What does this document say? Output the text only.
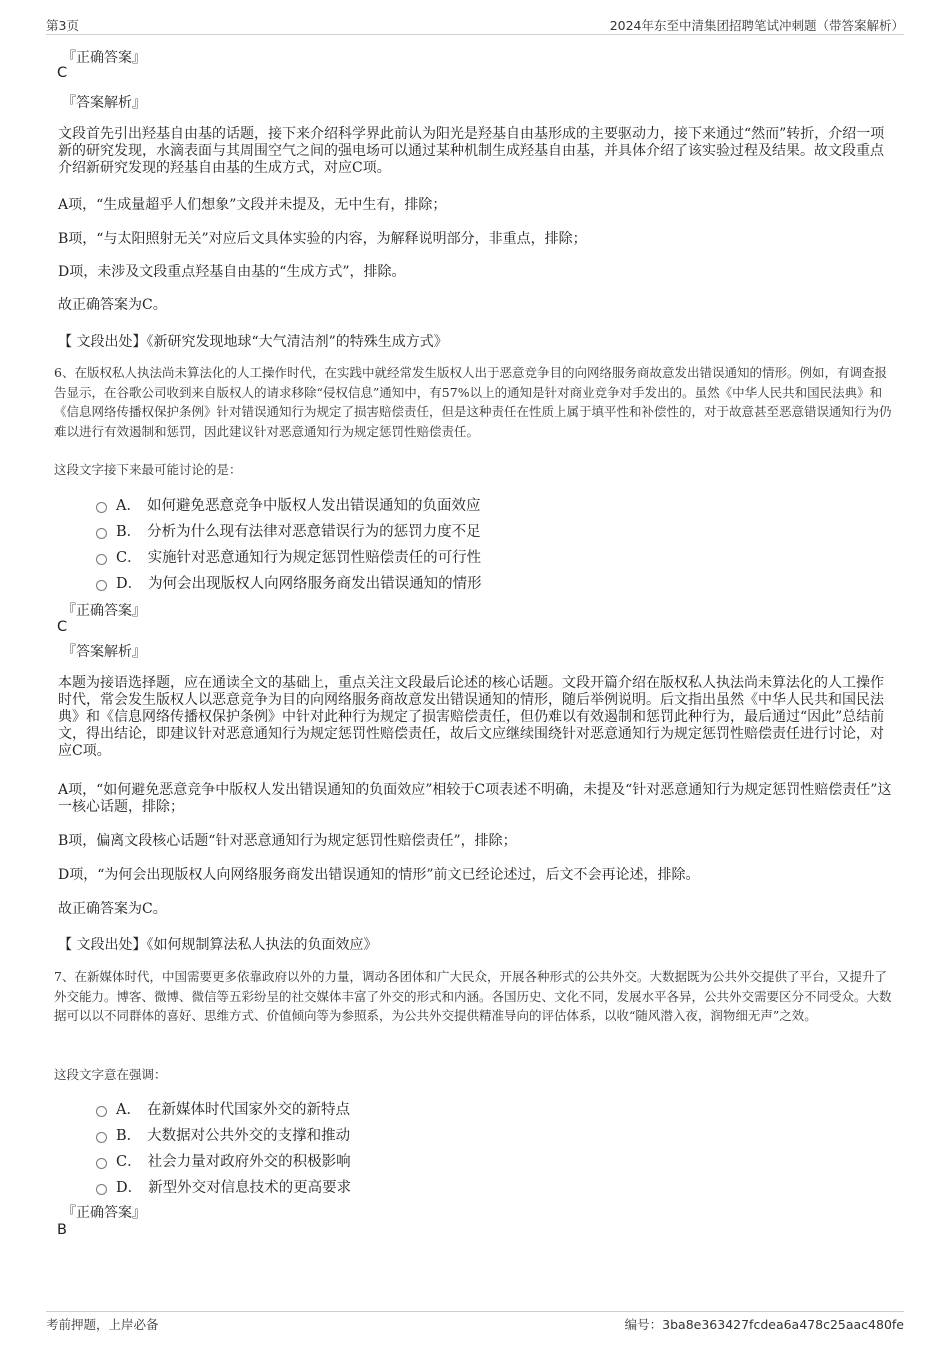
第3页	2024年东至中清集团招聘笔试冲刺题（带答案解析）
『正确答案』
C
『答案解析』
文段首先引出羟基自由基的话题，接下来介绍科学界此前认为阳光是羟基自由基形成的主要驱动力，接下来通过“然而”转折，介绍一项新的研究发现，水滴表面与其周围空气之间的强电场可以通过某种机制生成羟基自由基，并具体介绍了该实验过程及结果。故文段重点介绍新研究发现的羟基自由基的生成方式，对应C项。
A项，“生成量超乎人们想象”文段并未提及，无中生有，排除；
B项，“与太阳照射无关”对应后文具体实验的内容，为解释说明部分，非重点，排除；
D项，未涉及文段重点羟基自由基的“生成方式”，排除。
故正确答案为C。
【 文段出处】《新研究发现地球“大气清洁剂”的特殊生成方式》
6、在版权私人执法尚未算法化的人工操作时代，在实践中就经常发生版权人出于恶意竞争目的向网络服务商故意发出错误通知的情形。例如，有调查报告显示，在谷歌公司收到来自版权人的请求移除“侵权信息”通知中，有57%以上的通知是针对商业竞争对手发出的。虽然《中华人民共和国民法典》和《信息网络传播权保护条例》针对错误通知行为规定了损害赔偿责任，但是这种责任在性质上属于填平性和补偿性的，对于故意甚至恶意错误通知行为仍难以进行有效遏制和惩罚，因此建议针对恶意通知行为规定惩罚性赔偿责任。
这段文字接下来最可能讨论的是：
A． 如何避免恶意竞争中版权人发出错误通知的负面效应
B． 分析为什么现有法律对恶意错误行为的惩罚力度不足
C． 实施针对恶意通知行为规定惩罚性赔偿责任的可行性
D． 为何会出现版权人向网络服务商发出错误通知的情形
『正确答案』
C
『答案解析』
本题为接语选择题，应在通读全文的基础上，重点关注文段最后论述的核心话题。文段开篇介绍在版权私人执法尚未算法化的人工操作时代，常会发生版权人以恶意竞争为目的向网络服务商故意发出错误通知的情形，随后举例说明。后文指出虽然《中华人民共和国民法典》和《信息网络传播权保护条例》中针对此种行为规定了损害赔偿责任，但仍难以有效遏制和惩罚此种行为，最后通过“因此”总结前文，得出结论，即建议针对恶意通知行为规定惩罚性赔偿责任，故后文应继续围绕针对恶意通知行为规定惩罚性赔偿责任进行讨论，对应C项。
A项，“如何避免恶意竞争中版权人发出错误通知的负面效应”相较于C项表述不明确，未提及“针对恶意通知行为规定惩罚性赔偿责任”这一核心话题，排除；
B项，偏离文段核心话题“针对恶意通知行为规定惩罚性赔偿责任”，排除；
D项，“为何会出现版权人向网络服务商发出错误通知的情形”前文已经论述过，后文不会再论述，排除。
故正确答案为C。
【 文段出处】《如何规制算法私人执法的负面效应》
7、在新媒体时代，中国需要更多依靠政府以外的力量，调动各团体和广大民众，开展各种形式的公共外交。大数据既为公共外交提供了平台，又提升了外交能力。博客、微博、微信等五彩纷呈的社交媒体丰富了外交的形式和内涵。各国历史、文化不同，发展水平各异，公共外交需要区分不同受众。大数据可以以不同群体的喜好、思维方式、价值倾向等为参照系，为公共外交提供精准导向的评估体系，以收“随风潜入夜，润物细无声”之效。
这段文字意在强调：
A． 在新媒体时代国家外交的新特点
B． 大数据对公共外交的支撑和推动
C． 社会力量对政府外交的积极影响
D． 新型外交对信息技术的更高要求
『正确答案』
B
考前押题，上岸必备	编号：3ba8e363427fcdea6a478c25aac480fe
